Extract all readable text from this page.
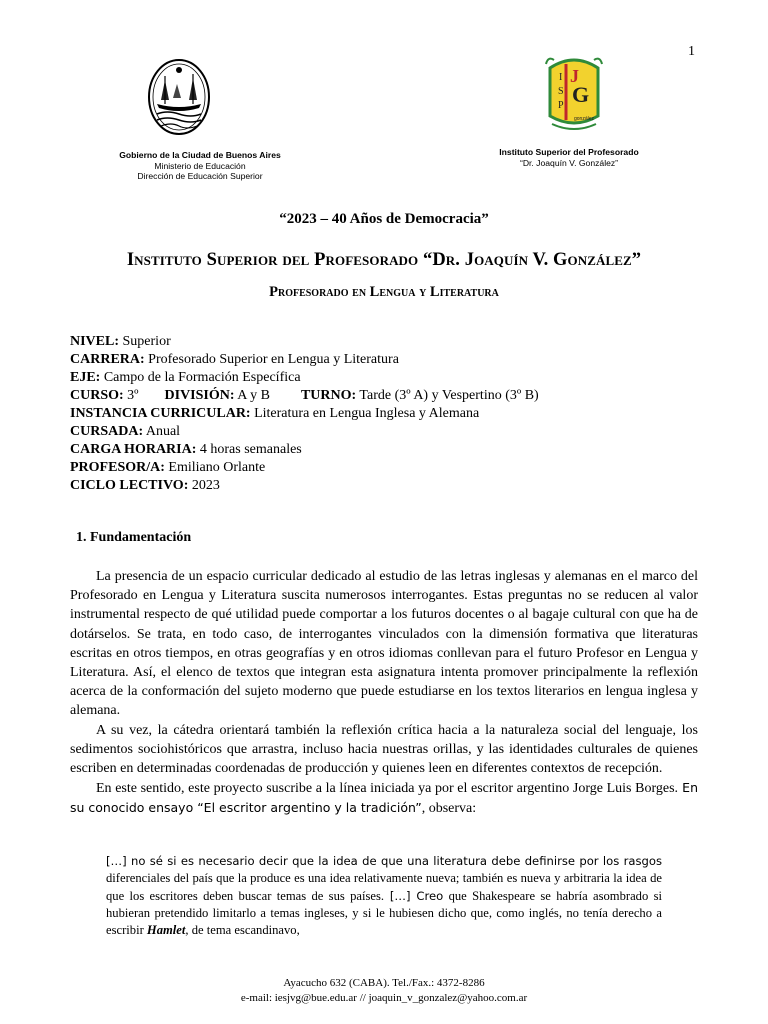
1
I
S
P
J
G
gonzález
Gobierno de la Ciudad de Buenos Aires
Ministerio de Educación
Dirección de Educación Superior
Instituto Superior del Profesorado
“Dr. Joaquín V. González”
“2023 – 40 Años de Democracia”
Instituto Superior del Profesorado “Dr. Joaquín V. González”
Profesorado en Lengua y Literatura
NIVEL: Superior
CARRERA: Profesorado Superior en Lengua y Literatura
EJE: Campo de la Formación Específica
CURSO: 3º DIVISIÓN: A y B TURNO: Tarde (3º A) y Vespertino (3º B)
INSTANCIA CURRICULAR: Literatura en Lengua Inglesa y Alemana
CURSADA: Anual
CARGA HORARIA: 4 horas semanales
PROFESOR/A: Emiliano Orlante
CICLO LECTIVO: 2023
1. Fundamentación

La presencia de un espacio curricular dedicado al estudio de las letras inglesas y alemanas en el marco del Profesorado en Lengua y Literatura suscita numerosos interrogantes. Estas preguntas no se reducen al valor instrumental respecto de qué utilidad puede comportar a los futuros docentes o al bagaje cultural con que ha de dotárselos. Se trata, en todo caso, de interrogantes vinculados con la dimensión formativa que literaturas escritas en otros tiempos, en otras geografías y en otros idiomas conllevan para el futuro Profesor en Lengua y Literatura. Así, el elenco de textos que integran esta asignatura intenta promover principalmente la reflexión acerca de la conformación del sujeto moderno que puede estudiarse en los textos literarios en lengua inglesa y alemana.

A su vez, la cátedra orientará también la reflexión crítica hacia a la naturaleza social del lenguaje, los sedimentos sociohistóricos que arrastra, incluso hacia nuestras orillas, y las identidades culturales de quienes escriben en determinadas coordenadas de producción y quienes leen en diferentes contextos de recepción.

En este sentido, este proyecto suscribe a la línea iniciada ya por el escritor argentino Jorge Luis Borges. En su conocido ensayo “El escritor argentino y la tradición”, observa:

[…] no sé si es necesario decir que la idea de que una literatura debe definirse por los rasgos diferenciales del país que la produce es una idea relativamente nueva; también es nueva y arbitraria la idea de que los escritores deben buscar temas de sus países. […] Creo que Shakespeare se habría asombrado si hubieran pretendido limitarlo a temas ingleses, y si le hubiesen dicho que, como inglés, no tenía derecho a escribir Hamlet, de tema escandinavo,
Ayacucho 632 (CABA). Tel./Fax.: 4372-8286
e-mail: iesjvg@bue.edu.ar // joaquin_v_gonzalez@yahoo.com.ar
